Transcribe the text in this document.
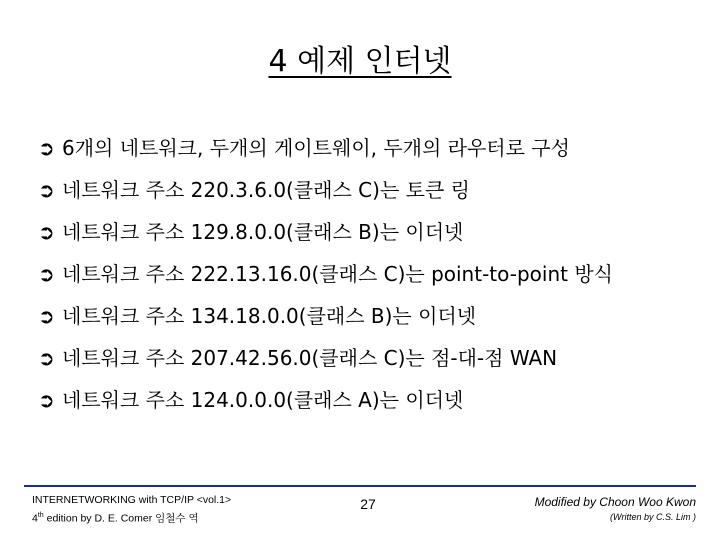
4 예제 인터넷
➲ 6개의 네트워크, 두개의 게이트웨이, 두개의 라우터로 구성
➲ 네트워크 주소 220.3.6.0(클래스 C)는 토큰 링
➲ 네트워크 주소 129.8.0.0(클래스 B)는 이더넷
➲ 네트워크 주소 222.13.16.0(클래스 C)는 point-to-point 방식
➲ 네트워크 주소 134.18.0.0(클래스 B)는 이더넷
➲ 네트워크 주소 207.42.56.0(클래스 C)는 점-대-점 WAN
➲ 네트워크 주소 124.0.0.0(클래스 A)는 이더넷
INTERNETWORKING with TCP/IP <vol.1>
4th edition by D. E. Comer 임철수 역
27	Modified by Choon Woo Kwon
(Written by C.S. Lim )
